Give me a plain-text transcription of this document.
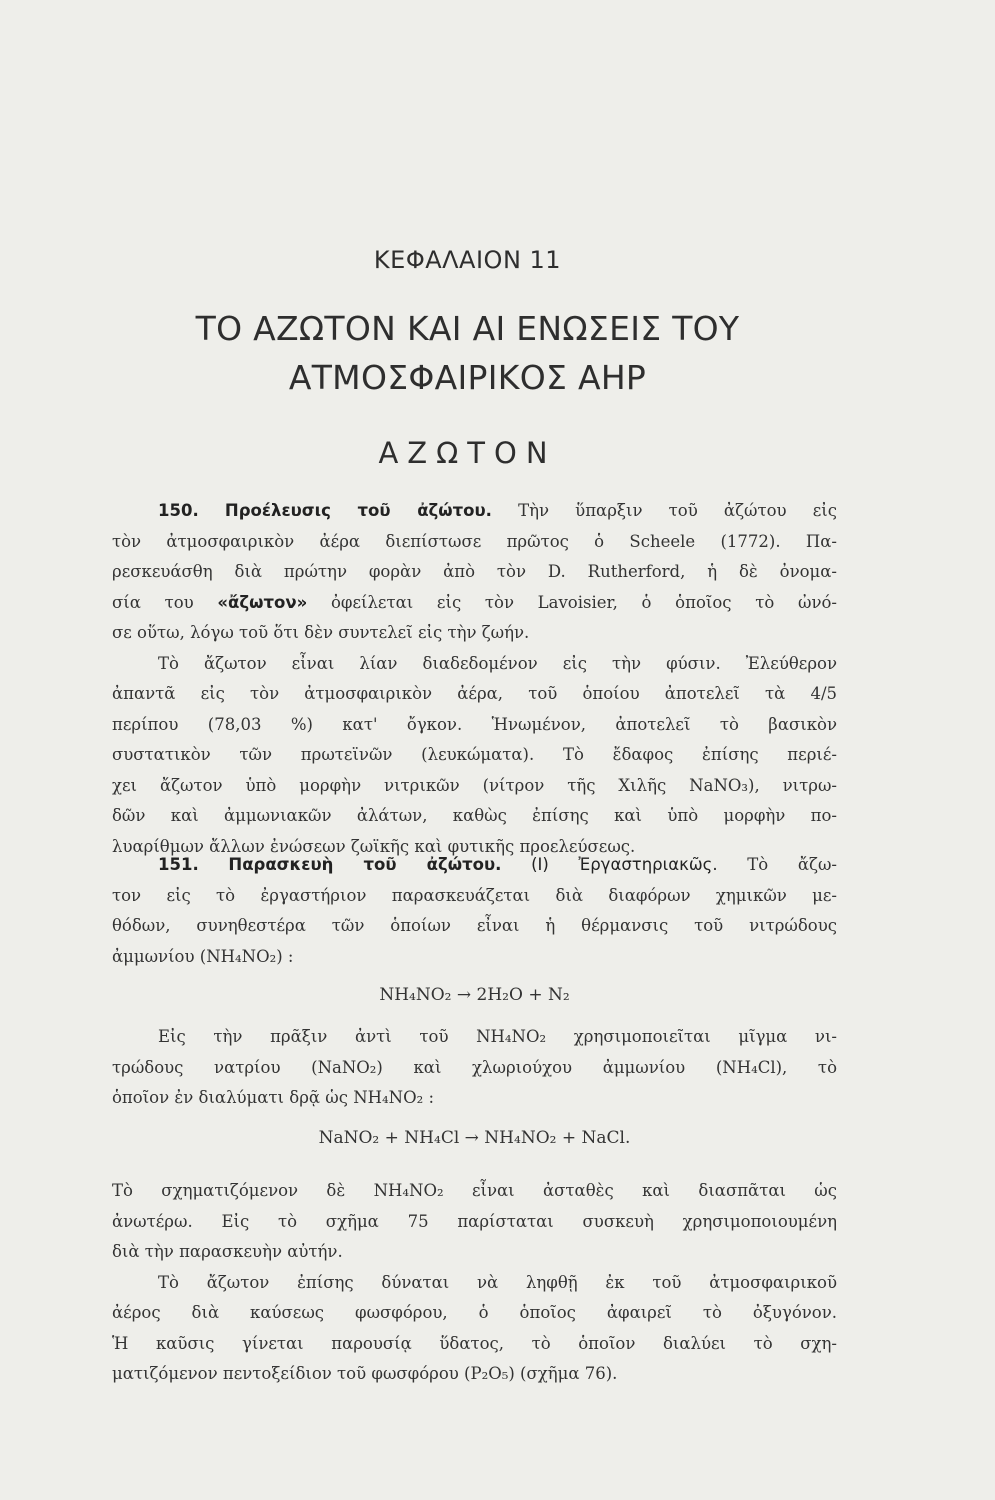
ΚΕΦΑΛΑΙΟΝ 11
ΤΟ ΑΖΩΤΟΝ ΚΑΙ ΑΙ ΕΝΩΣΕΙΣ ΤΟΥ
ΑΤΜΟΣΦΑΙΡΙΚΟΣ ΑΗΡ
ΑΖΩΤΟΝ
150. Προέλευσις τοῦ ἀζώτου. Τὴν ὕπαρξιν τοῦ ἀζώτου εἰς
τὸν ἀτμοσφαιρικὸν ἀέρα διεπίστωσε πρῶτος ὁ Scheele (1772). Πα-
ρεσκευάσθη διὰ πρώτην φορὰν ἀπὸ τὸν D. Rutherford, ἡ δὲ ὀνομα-
σία του «ἄζωτον» ὀφείλεται εἰς τὸν Lavoisier, ὁ ὁποῖος τὸ ὠνό-
σε οὕτω, λόγω τοῦ ὅτι δὲν συντελεῖ εἰς τὴν ζωήν.
Τὸ ἄζωτον εἶναι λίαν διαδεδομένον εἰς τὴν φύσιν. Ἐλεύθερον
ἀπαντᾶ εἰς τὸν ἀτμοσφαιρικὸν ἀέρα, τοῦ ὁποίου ἀποτελεῖ τὰ 4/5
περίπου (78,03 %) κατ' ὄγκον. Ἡνωμένον, ἀποτελεῖ τὸ βασικὸν
συστατικὸν τῶν πρωτεϊνῶν (λευκώματα). Τὸ ἔδαφος ἐπίσης περιέ-
χει ἄζωτον ὑπὸ μορφὴν νιτρικῶν (νίτρον τῆς Χιλῆς NaNO₃), νιτρω-
δῶν καὶ ἀμμωνιακῶν ἀλάτων, καθὼς ἐπίσης καὶ ὑπὸ μορφὴν πο-
λυαρίθμων ἄλλων ἐνώσεων ζωϊκῆς καὶ φυτικῆς προελεύσεως.
151. Παρασκευὴ τοῦ ἀζώτου. (Ι) Ἐργαστηριακῶς. Τὸ ἄζω-
τον εἰς τὸ ἐργαστήριον παρασκευάζεται διὰ διαφόρων χημικῶν με-
θόδων, συνηθεστέρα τῶν ὁποίων εἶναι ἡ θέρμανσις τοῦ νιτρώδους
ἀμμωνίου (NH₄NO₂) :
NH₄NO₂ → 2H₂O + N₂
Εἰς τὴν πρᾶξιν ἀντὶ τοῦ NH₄NO₂ χρησιμοποιεῖται μῖγμα νι-
τρώδους νατρίου (NaNO₂) καὶ χλωριούχου ἀμμωνίου (NH₄Cl), τὸ
ὁποῖον ἐν διαλύματι δρᾷ ὡς NH₄NO₂ :
NaNO₂ + NH₄Cl → NH₄NO₂ + NaCl.
Τὸ σχηματιζόμενον δὲ NH₄NO₂ εἶναι ἀσταθὲς καὶ διασπᾶται ὡς
ἀνωτέρω. Εἰς τὸ σχῆμα 75 παρίσταται συσκευὴ χρησιμοποιουμένη
διὰ τὴν παρασκευὴν αὐτήν.
Τὸ ἄζωτον ἐπίσης δύναται νὰ ληφθῇ ἐκ τοῦ ἀτμοσφαιρικοῦ
ἀέρος διὰ καύσεως φωσφόρου, ὁ ὁποῖος ἀφαιρεῖ τὸ ὀξυγόνον.
Ἡ καῦσις γίνεται παρουσίᾳ ὕδατος, τὸ ὁποῖον διαλύει τὸ σχη-
ματιζόμενον πεντοξείδιον τοῦ φωσφόρου (P₂O₅) (σχῆμα 76).
